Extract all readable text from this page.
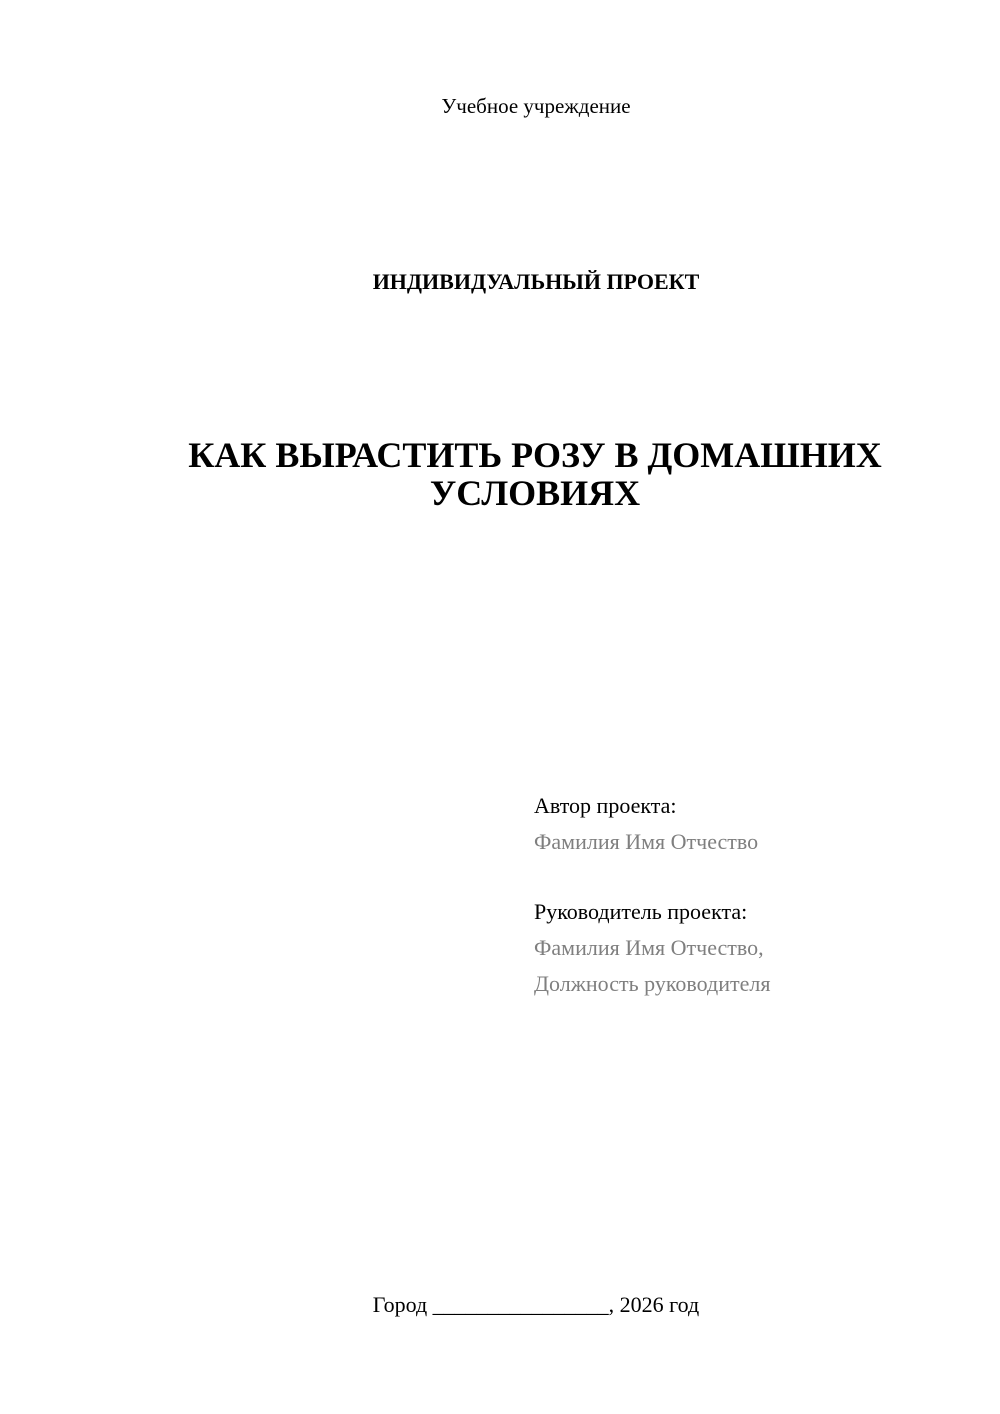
Учебное учреждение
ИНДИВИДУАЛЬНЫЙ ПРОЕКТ
КАК ВЫРАСТИТЬ РОЗУ В ДОМАШНИХ
УСЛОВИЯХ
Автор проекта:
Фамилия Имя Отчество
Руководитель проекта:
Фамилия Имя Отчество,
Должность руководителя
Город ________________, 2026 год
